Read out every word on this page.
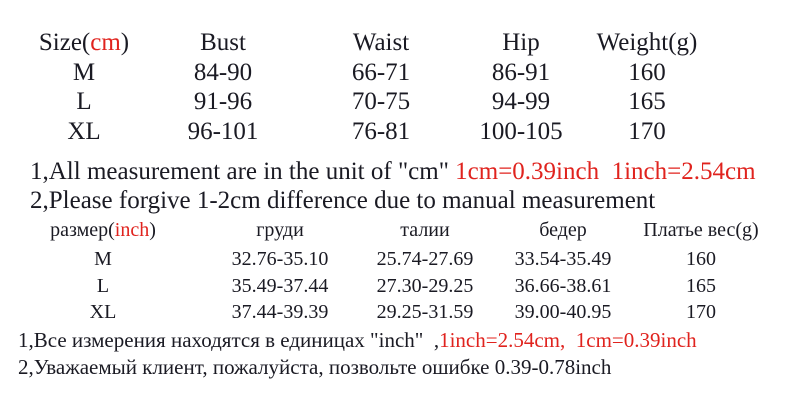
Size(cm)	Bust	Waist	Hip Weight(g)
M	84-90	66-71	86-91	160
L	91-96	70-75	94-99	165
XL	96-101	76-81	100-105	170
1,All measurement are in the unit of "cm" 1cm=0.39inch  1inch=2.54cm
2,Please forgive 1-2cm difference due to manual measurement
размер(inch)	груди	талии	бедер	Платье вес(g)
M	32.76-35.10 25.74-27.69 33.54-35.49	160
L	35.49-37.44 27.30-29.25 36.66-38.61	165
XL	37.44-39.39 29.25-31.59 39.00-40.95	170
1,Все измерения находятся в единицах "inch"  ,1inch=2.54cm,  1cm=0.39inch
2,Уважаемый клиент, пожалуйста, позвольте ошибке 0.39-0.78inch
